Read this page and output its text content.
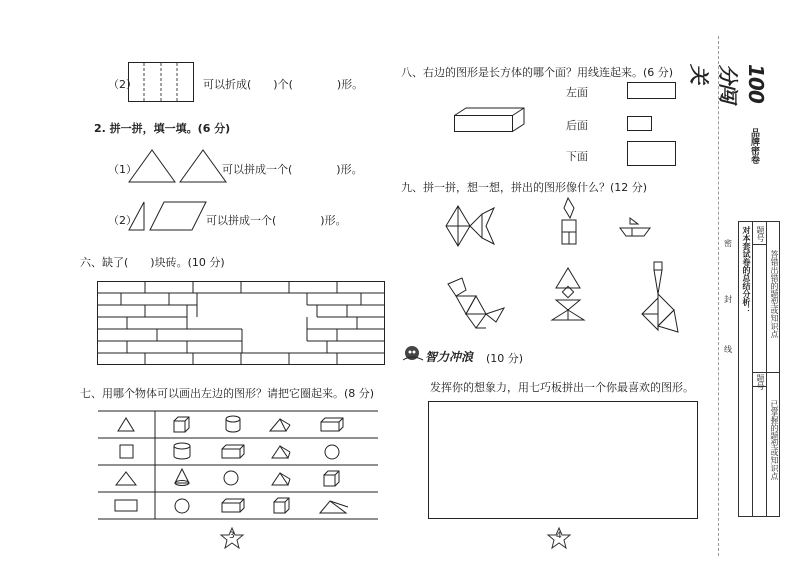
（2）	可以折成(　　)个(　　　　)形。
2. 拼一拼，填一填。(6 分)
（1）	可以拼成一个(　　　　)形。
（2）	可以拼成一个(　　　　)形。
六、缺了(　　)块砖。(10 分)
七、用哪个物体可以画出左边的图形？请把它圈起来。(8 分)
3
八、右边的图形是长方体的哪个面？用线连起来。(6 分)
左面
后面
下面
九、拼一拼，想一想，拼出的图形像什么？(12 分)
智力冲浪 (10 分)
发挥你的想象力，用七巧板拼出一个你最喜欢的图形。
4
100分闯关
品牌密卷
密
封
线
对本套试卷的总结分析： 题号
答错出错的题型或知识点
题号
已掌握的题型或知识点
